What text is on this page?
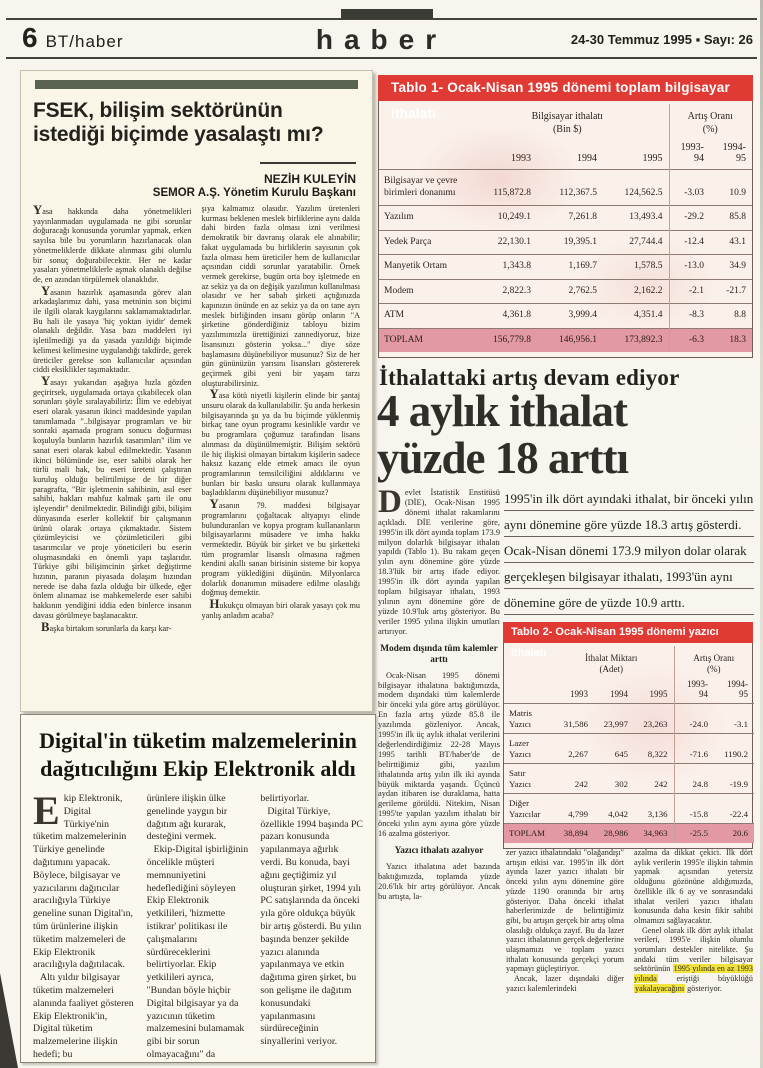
6 BT/haber	haber	24-30 Temmuz 1995 ▪ Sayı: 26
FSEK, bilişim sektörünün
istediği biçimde yasalaştı mı?
NEZİH KULEYİN
SEMOR A.Ş. Yönetim Kurulu Başkanı

Yasa hakkında daha yönetmelikleri yayınlanmadan uygulamada ne gibi sorunlar doğuracağı konusunda yorumlar yapmak, erken sayılsa bile bu yorumların hazırlanacak olan yönetmeliklerde dikkate alınması gibi olumlu bir sonuç doğurabilecektir. Her ne kadar yasaları yönetmeliklerle aşmak olanaklı değilse de, en azından törpülemek olanaklıdır.

Yasanın hazırlık aşamasında görev alan arkadaşlarımız dahi, yasa metninin son biçimi ile ilgili olarak kaygılarını saklamamaktadırlar. Bu hali ile yasaya 'hiç yoktan iyidir' demek olanaklı değildir. Yasa bazı maddeleri iyi işletilmediği ya da yasada yazıldığı biçimde kelimesi kelimesine uygulandığı takdirde, gerek üreticiler gerekse son kullanıcılar açısından ciddi eksiklikler taşımaktadır.

Yasayı yukarıdan aşağıya hızla gözden geçirirsek, uygulamada ortaya çıkabilecek olan sorunları şöyle sıralayabiliriz: İlim ve edebiyat eseri olarak yasanın ikinci maddesinde yapılan tanımlamada "..bilgisayar programları ve bir sonraki aşamada program sonucu doğurması koşuluyla bunların hazırlık tasarımları" ilim ve sanat eseri olarak kabul edilmektedir. Yasanın ikinci bölümünde ise, eser sahibi olarak her türlü mali hak, bu eseri üreteni çalıştıran kuruluş olduğu belirtilmişse de bir diğer paragrafta, "Bir işletmenin sahibinin, asıl eser sahibi, hakları mahfuz kalmak şartı ile onu işleyendir" denilmektedir. Bilindiği gibi, bilişim dünyasında eserler kollektif bir çalışmanın ürünü olarak ortaya çıkmaktadır. Sistem çözümleyicisi ve çözümleticileri gibi tasarımcılar ve proje yöneticileri bu eserin oluşmasındaki en önemli yapı taşlarıdır. Türkiye gibi bilişimcinin şirket değiştirme hızının, paranın piyasada dolaşım hızından nerede ise daha fazla olduğu bir ülkede, eğer önlem alınamaz ise mahkemelerde eser sahibi hakkının yendiğini iddia eden binlerce insanın davası görülmeye başlanacaktır.

Başka birtakım sorunlarla da karşı kar-

şıya kalmamız olasıdır. Yazılım üretenleri kurması beklenen meslek birliklerine aynı dalda dahi birden fazla olması izni verilmesi demokratik bir davranış olarak ele alınabilir; fakat uygulamada bu birliklerin sayısının çok fazla olması hem üreticiler hem de kullanıcılar açısından ciddi sorunlar yaratabilir. Örnek vermek gerekirse, bugün orta boy işletmede en az sekiz ya da on değişik yazılımın kullanılması olasıdır ve her sabah şirketi açtığınızda kapınızın önünde en az sekiz ya da on tane ayrı meslek birliğinden insanı görüp onların "A şirketine gönderdiğiniz tabloyu bizim yazılımımızla ürettiğinizi zannediyoruz, bize lisansınızı gösterin yoksa..." diye söze başlamasını düşünebiliyor musunuz? Siz de her gün gününüzün yarısını lisansları göstererek geçirmek gibi yeni bir yaşam tarzı oluşturabilirsiniz.

Yasa kötü niyetli kişilerin elinde bir şantaj unsuru olarak da kullanılabilir. Şu anda herkesin bilgisayarında şu ya da bu biçimde yüklenmiş birkaç tane oyun programı kesinlikle vardır ve bu programlara çoğumuz tarafından lisans alınması da düşünülmemiştir. Bilişim sektörü ile hiç ilişkisi olmayan birtakım kişilerin sadece haksız kazanç elde etmek amacı ile oyun programlarının temsilciliğini aldıklarını ve bunları bir baskı unsuru olarak kullanmaya başladıklarını düşünebiliyor musunuz?

Yasanın 79. maddesi bilgisayar programlarını çoğaltacak altyapıyı elinde bulunduranları ve kopya program kullananların bilgisayarlarını müsadere ve imha hakkı vermektedir. Büyük bir şirket ve bu şirketteki tüm programlar lisanslı olmasına rağmen kendini akıllı sanan birisinin sisteme bir kopya program yüklediğini düşünün. Milyonlarca dolarlık donanımın müsadere edilme olasılığı doğmuş demektir.

Hukukçu olmayan biri olarak yasayı çok mu yanlış anladım acaba?

Tablo 1- Ocak-Nisan 1995 dönemi toplam bilgisayar ithalatı
		Bilgisayar ithalatı
(Bin $)			Artış Oranı
(%)	
	1993	1994	1995	1993-94	1994-95
Bilgisayar ve çevre birimleri donanımı	115,872.8	112,367.5	124,562.5	-3.03	10.9
Yazılım	10,249.1	7,261.8	13,493.4	-29.2	85.8
Yedek Parça	22,130.1	19,395.1	27,744.4	-12.4	43.1
Manyetik Ortam	1,343.8	1,169.7	1,578.5	-13.0	34.9
Modem	2,822.3	2,762.5	2,162.2	-2.1	-21.7
ATM	4,361.8	3,999.4	4,351.4	-8.3	8.8
TOPLAM	156,779.8	146,956.1	173,892.3	-6.3	18.3
İthalattaki artış devam ediyor
4 aylık ithalat
yüzde 18 arttı

Devlet İstatistik Enstitüsü (DİE), Ocak-Nisan 1995 dönemi ithalat rakamlarını açıkladı. DİE verilerine göre, 1995'in ilk dört ayında toplam 173.9 milyon dolarlık bilgisayar ithalatı yapıldı (Tablo 1). Bu rakam geçen yılın aynı dönemine göre yüzde 18.3'lük bir artış ifade ediyor. 1995'in ilk dört ayında yapılan toplam bilgisayar ithalatı, 1993 yılının aynı dönemine göre de yüzde 10.9'luk artış gösteriyor. Bu veriler 1995 yılına ilişkin umutları artırıyor.

Modem dışında tüm kalemler arttı

Ocak-Nisan 1995 dönemi bilgisayar ithalatına baktığımızda, modem dışındaki tüm kalemlerde bir önceki yıla göre artış görülüyor. En fazla artış yüzde 85.8 ile yazılımda gözleniyor. Ancak, 1995'in ilk üç aylık ithalat verilerini değerlendirdiğimiz 22-28 Mayıs 1995 tarihli BT/haber'de de belirttiğimiz gibi, yazılım ithalatında artış yılın ilk iki ayında büyük miktarda yaşandı. Üçüncü aydan itibaren ise duraklama, hatta gerileme görüldü. Nitekim, Nisan 1995'te yapılan yazılım ithalatı bir önceki yılın aynı ayına göre yüzde 16 azalma gösteriyor.

Yazıcı ithalatı azalıyor

Yazıcı ithalatına adet bazında baktığımızda, toplamda yüzde 20.6'lık bir artış görülüyor. Ancak bu artışta, la-

1995'in ilk dört ayındaki ithalat, bir önceki yılın aynı dönemine göre yüzde 18.3 artış gösterdi. Ocak-Nisan dönemi 173.9 milyon dolar olarak gerçekleşen bilgisayar ithalatı, 1993'ün aynı dönemine göre de yüzde 10.9 arttı.
Tablo 2- Ocak-Nisan 1995 dönemi yazıcı ithalatı
		İthalat Miktarı
(Adet)			Artış Oranı
(%)	
	1993	1994	1995	1993-94	1994-95
Matris Yazıcı	31,586	23,997	23,263	-24.0	-3.1
Lazer Yazıcı	2,267	645	8,322	-71.6	1190.2
Satır Yazıcı	242	302	242	24.8	-19.9
Diğer Yazıcılar	4,799	4,042	3,136	-15.8	-22.4
TOPLAM	38,894	28,986	34,963	-25.5	20.6

zer yazıcı ithalatındaki "olağandışı" artışın etkisi var. 1995'in ilk dört ayında lazer yazıcı ithalatı bir önceki yılın aynı dönemine göre yüzde 1190 oranında bir artış gösteriyor. Daha önceki ithalat haberlerimizde de belirttiğimiz gibi, bu artışın gerçek bir artış olma olasılığı oldukça zayıf. Bu da lazer yazıcı ithalatının gerçek değerlerine ulaşmamızı ve toplam yazıcı ithalatı konusunda gerçekçi yorum yapmayı güçleştiriyor.

Ancak, lazer dışındaki diğer yazıcı kalemlerindeki

azalma da dikkat çekici. İlk dört aylık verilerin 1995'e ilişkin tahmin yapmak açısından yetersiz olduğunu gözönüne aldığımızda, özellikle ilk 6 ay ve sonrasındaki ithalat verileri yazıcı ithalatı konusunda daha kesin fikir sahibi olmamızı sağlayacaktır.

Genel olarak ilk dört aylık ithalat verileri, 1995'e ilişkin olumlu yorumları destekler nitelikte. Şu andaki tüm veriler bilgisayar sektörünün 1995 yılında en az 1993 yılında eriştiği büyüklüğü yakalayacağını gösteriyor.

Digital'in tüketim malzemelerinin
dağıtıcılığını Ekip Elektronik aldı

Ekip Elektronik, Digital Türkiye'nin tüketim malzemelerinin Türkiye genelinde dağıtımını yapacak. Böylece, bilgisayar ve yazıcılarını dağıtıcılar aracılığıyla Türkiye geneline sunan Digital'ın, tüm ürünlerine ilişkin tüketim malzemeleri de Ekip Elektronik aracılığıyla dağıtılacak.

Altı yıldır bilgisayar tüketim malzemeleri alanında faaliyet gösteren Ekip Elektronik'in, Digital tüketim malzemelerine ilişkin hedefi; bu

ürünlere ilişkin ülke genelinde yaygın bir dağıtım ağı kurarak, desteğini vermek.

Ekip-Digital işbirliğinin öncelikle müşteri memnuniyetini hedeflediğini söyleyen Ekip Elektronik yetkilileri, 'hizmette istikrar' politikası ile çalışmalarını sürdüreceklerini belirtiyorlar. Ekip yetkilileri ayrıca, "Bundan böyle hiçbir Digital bilgisayar ya da yazıcının tüketim malzemesini bulamamak gibi bir sorun olmayacağını" da

belirtiyorlar.

Digital Türkiye, özellikle 1994 başında PC pazarı konusunda yapılanmaya ağırlık verdi. Bu konuda, bayi ağını geçtiğimiz yıl oluşturan şirket, 1994 yılı PC satışlarında da önceki yıla göre oldukça büyük bir artış gösterdi. Bu yılın başında benzer şekilde yazıcı alanında yapılanmaya ve etkin dağıtıma giren şirket, bu son gelişme ile dağıtım konusundaki yapılanmasını sürdüreceğinin sinyallerini veriyor.
